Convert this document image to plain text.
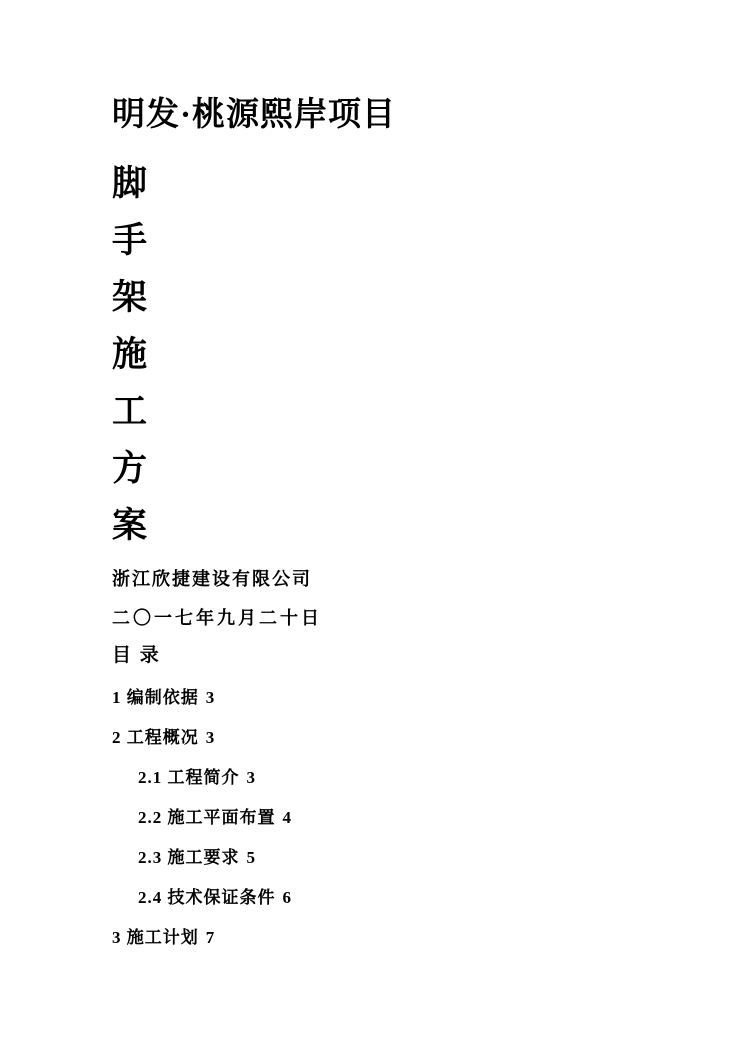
明发·桃源熙岸项目
脚
手
架
施
工
方
案

浙江欣捷建设有限公司

二〇一七年九月二十日

目 录
1 编制依据 3
2 工程概况 3
2.1 工程简介 3
2.2 施工平面布置 4
2.3 施工要求 5
2.4 技术保证条件 6
3 施工计划 7
